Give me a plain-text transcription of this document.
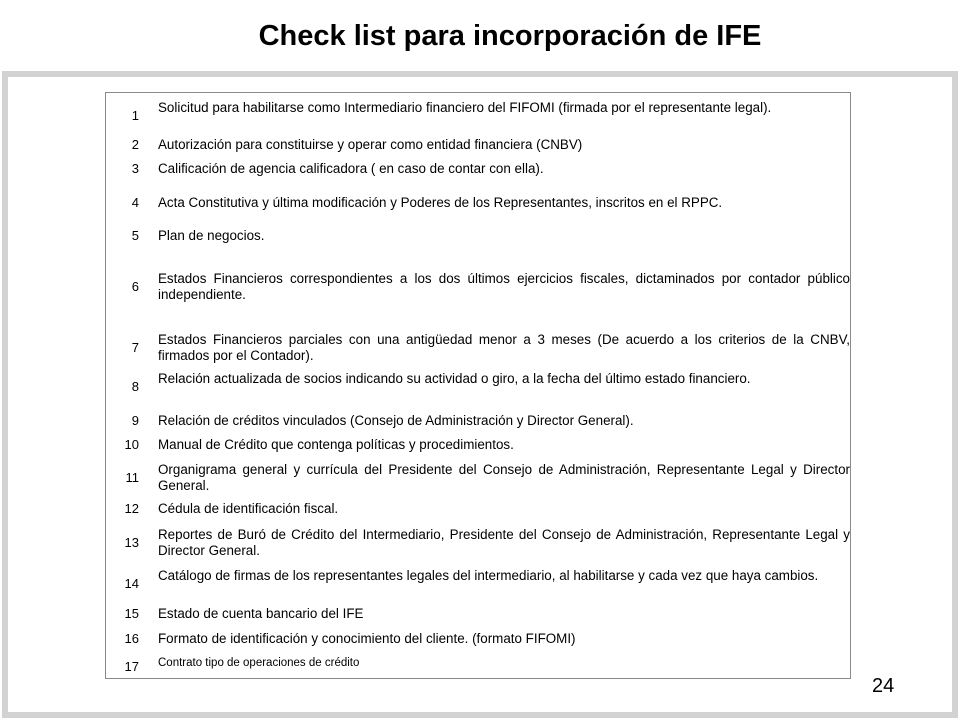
Check list para incorporación de IFE
1
Solicitud para habilitarse como Intermediario financiero del FIFOMI (firmada por el representante legal).
2 Autorización para constituirse y operar como entidad financiera (CNBV)
3 Calificación de agencia calificadora ( en caso de contar con ella).
4 Acta Constitutiva y última modificación y Poderes de los Representantes, inscritos en el RPPC.
5 Plan de negocios.
6
Estados Financieros correspondientes a los dos últimos ejercicios fiscales, dictaminados por contador público independiente.
7
Estados Financieros parciales con una antigüedad menor a 3 meses (De acuerdo a los criterios de la CNBV, firmados por el Contador).
8
Relación actualizada de socios indicando su actividad o giro, a la fecha del último estado financiero.
9 Relación de créditos vinculados (Consejo de Administración y Director General).
10 Manual de Crédito que contenga políticas y procedimientos.
11
Organigrama general y currícula del Presidente del Consejo de Administración, Representante Legal y Director General.
12 Cédula de identificación fiscal.
13
Reportes de Buró de Crédito del Intermediario, Presidente del Consejo de Administración, Representante Legal y Director General.
14
Catálogo de firmas de los representantes legales del intermediario, al habilitarse y cada vez que haya cambios.
15 Estado de cuenta bancario del IFE
16 Formato de identificación y conocimiento del cliente. (formato FIFOMI)
17 Contrato tipo de operaciones de crédito
24
